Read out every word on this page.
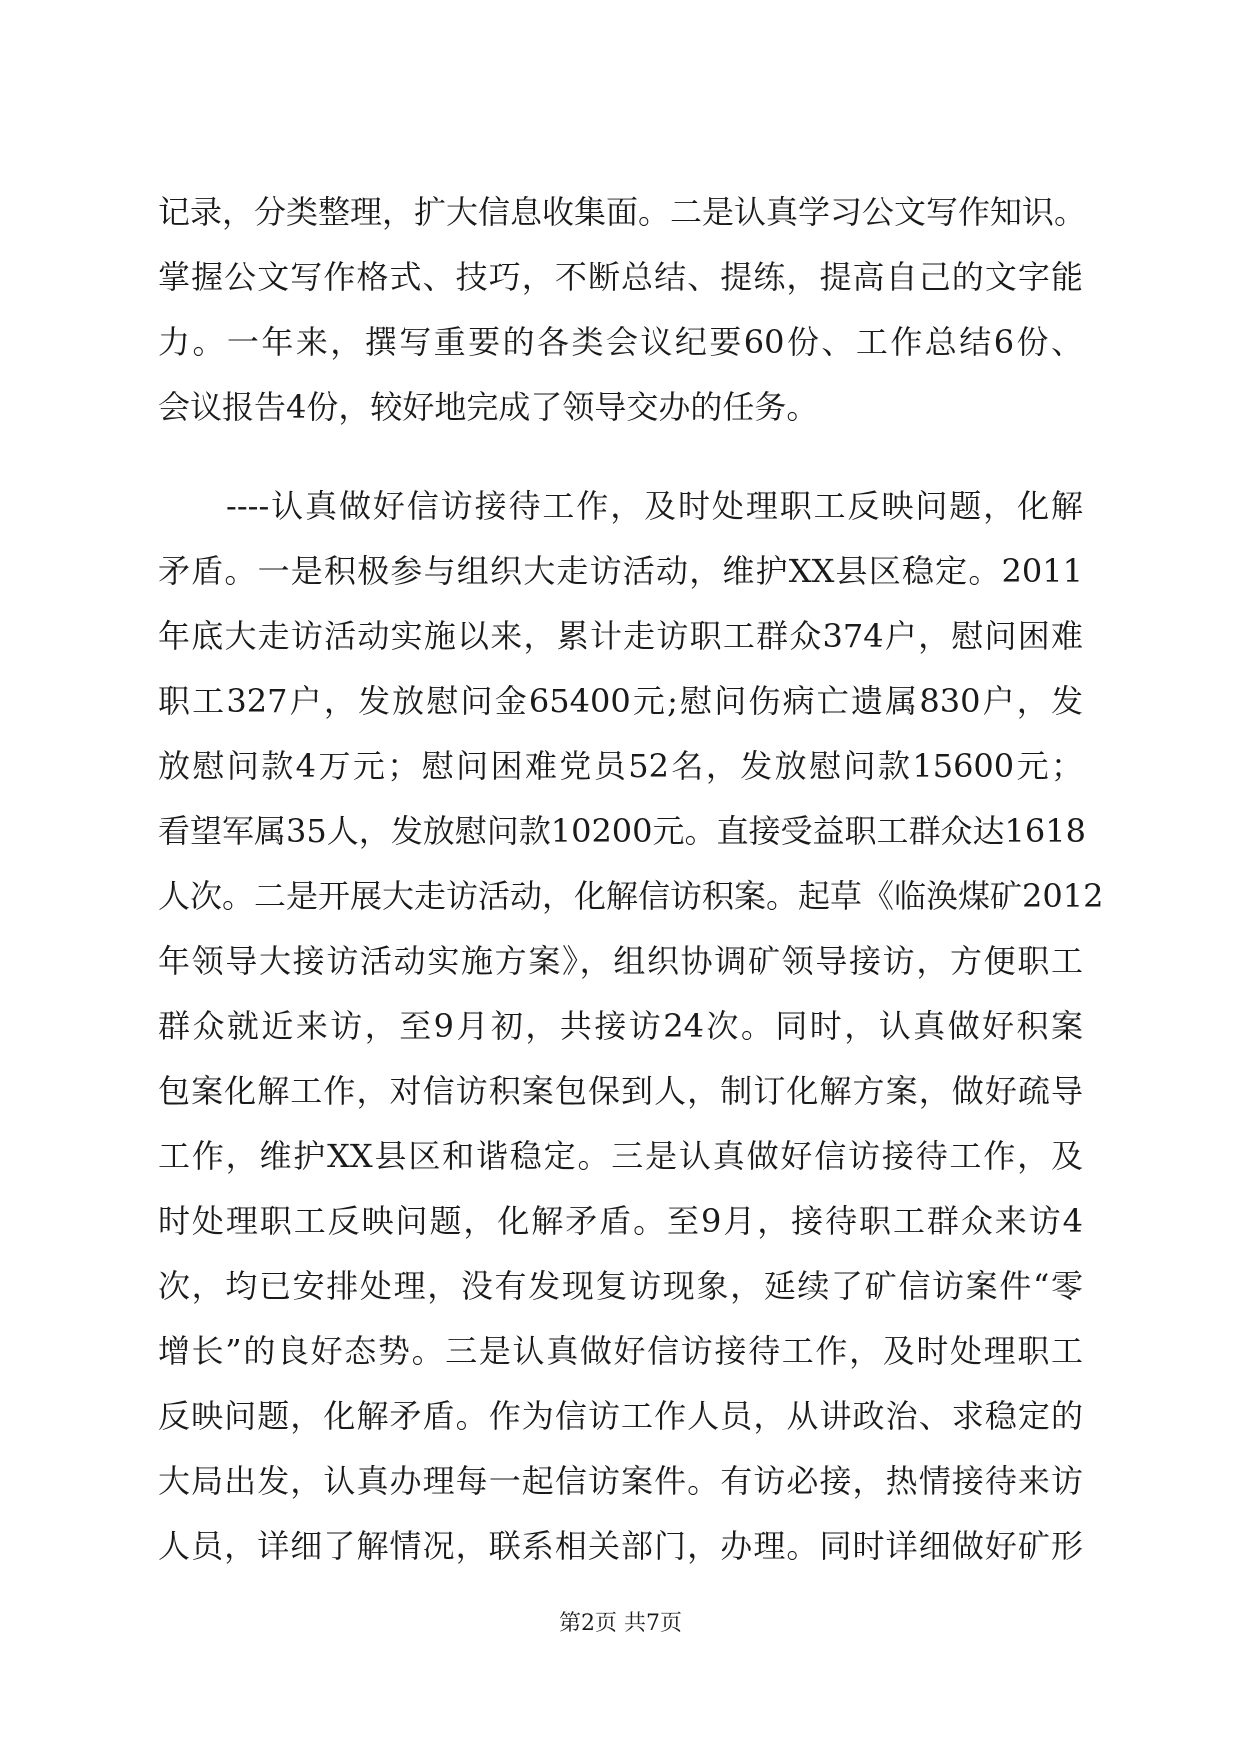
记录，分类整理，扩大信息收集面。二是认真学习公文写作知识。

掌握公文写作格式、技巧，不断总结、提练，提高自己的文字能

力。一年来，撰写重要的各类会议纪要60份、工作总结6份、

会议报告4份，较好地完成了领导交办的任务。

----认真做好信访接待工作，及时处理职工反映问题，化解

矛盾。一是积极参与组织大走访活动，维护XX县区稳定。2011

年底大走访活动实施以来，累计走访职工群众374户，慰问困难

职工327户，发放慰问金65400元;慰问伤病亡遗属830户，发

放慰问款4万元；慰问困难党员52名，发放慰问款15600元；

看望军属35人，发放慰问款10200元。直接受益职工群众达1618

人次。二是开展大走访活动，化解信访积案。起草《临涣煤矿2012

年领导大接访活动实施方案》，组织协调矿领导接访，方便职工

群众就近来访，至9月初，共接访24次。同时，认真做好积案

包案化解工作，对信访积案包保到人，制订化解方案，做好疏导

工作，维护XX县区和谐稳定。三是认真做好信访接待工作，及

时处理职工反映问题，化解矛盾。至9月，接待职工群众来访4

次，均已安排处理，没有发现复访现象，延续了矿信访案件“零

增长”的良好态势。三是认真做好信访接待工作，及时处理职工

反映问题，化解矛盾。作为信访工作人员，从讲政治、求稳定的

大局出发，认真办理每一起信访案件。有访必接，热情接待来访

人员，详细了解情况，联系相关部门，办理。同时详细做好矿形

第2页 共7页
